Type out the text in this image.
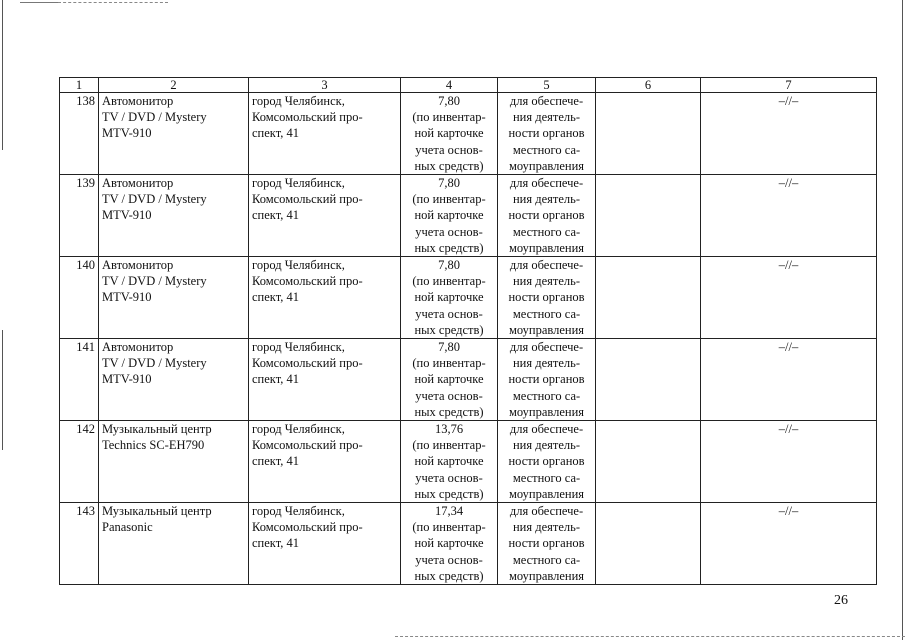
1	2	3	4	5	6	7
138	Автомонитор
TV / DVD / Mystery
MTV-910	город Челябинск,
Комсомольский про-
спект, 41	7,80
(по инвентар-
ной карточке
учета основ-
ных средств)	для обеспече-
ния деятель-
ности органов
местного са-
моуправления		–//–
139	Автомонитор
TV / DVD / Mystery
MTV-910	город Челябинск,
Комсомольский про-
спект, 41	7,80
(по инвентар-
ной карточке
учета основ-
ных средств)	для обеспече-
ния деятель-
ности органов
местного са-
моуправления		–//–
140	Автомонитор
TV / DVD / Mystery
MTV-910	город Челябинск,
Комсомольский про-
спект, 41	7,80
(по инвентар-
ной карточке
учета основ-
ных средств)	для обеспече-
ния деятель-
ности органов
местного са-
моуправления		–//–
141	Автомонитор
TV / DVD / Mystery
MTV-910	город Челябинск,
Комсомольский про-
спект, 41	7,80
(по инвентар-
ной карточке
учета основ-
ных средств)	для обеспече-
ния деятель-
ности органов
местного са-
моуправления		–//–
142	Музыкальный центр
Technics SC-EH790	город Челябинск,
Комсомольский про-
спект, 41	13,76
(по инвентар-
ной карточке
учета основ-
ных средств)	для обеспече-
ния деятель-
ности органов
местного са-
моуправления		–//–
143	Музыкальный центр
Panasonic	город Челябинск,
Комсомольский про-
спект, 41	17,34
(по инвентар-
ной карточке
учета основ-
ных средств)	для обеспече-
ния деятель-
ности органов
местного са-
моуправления		–//–
26
